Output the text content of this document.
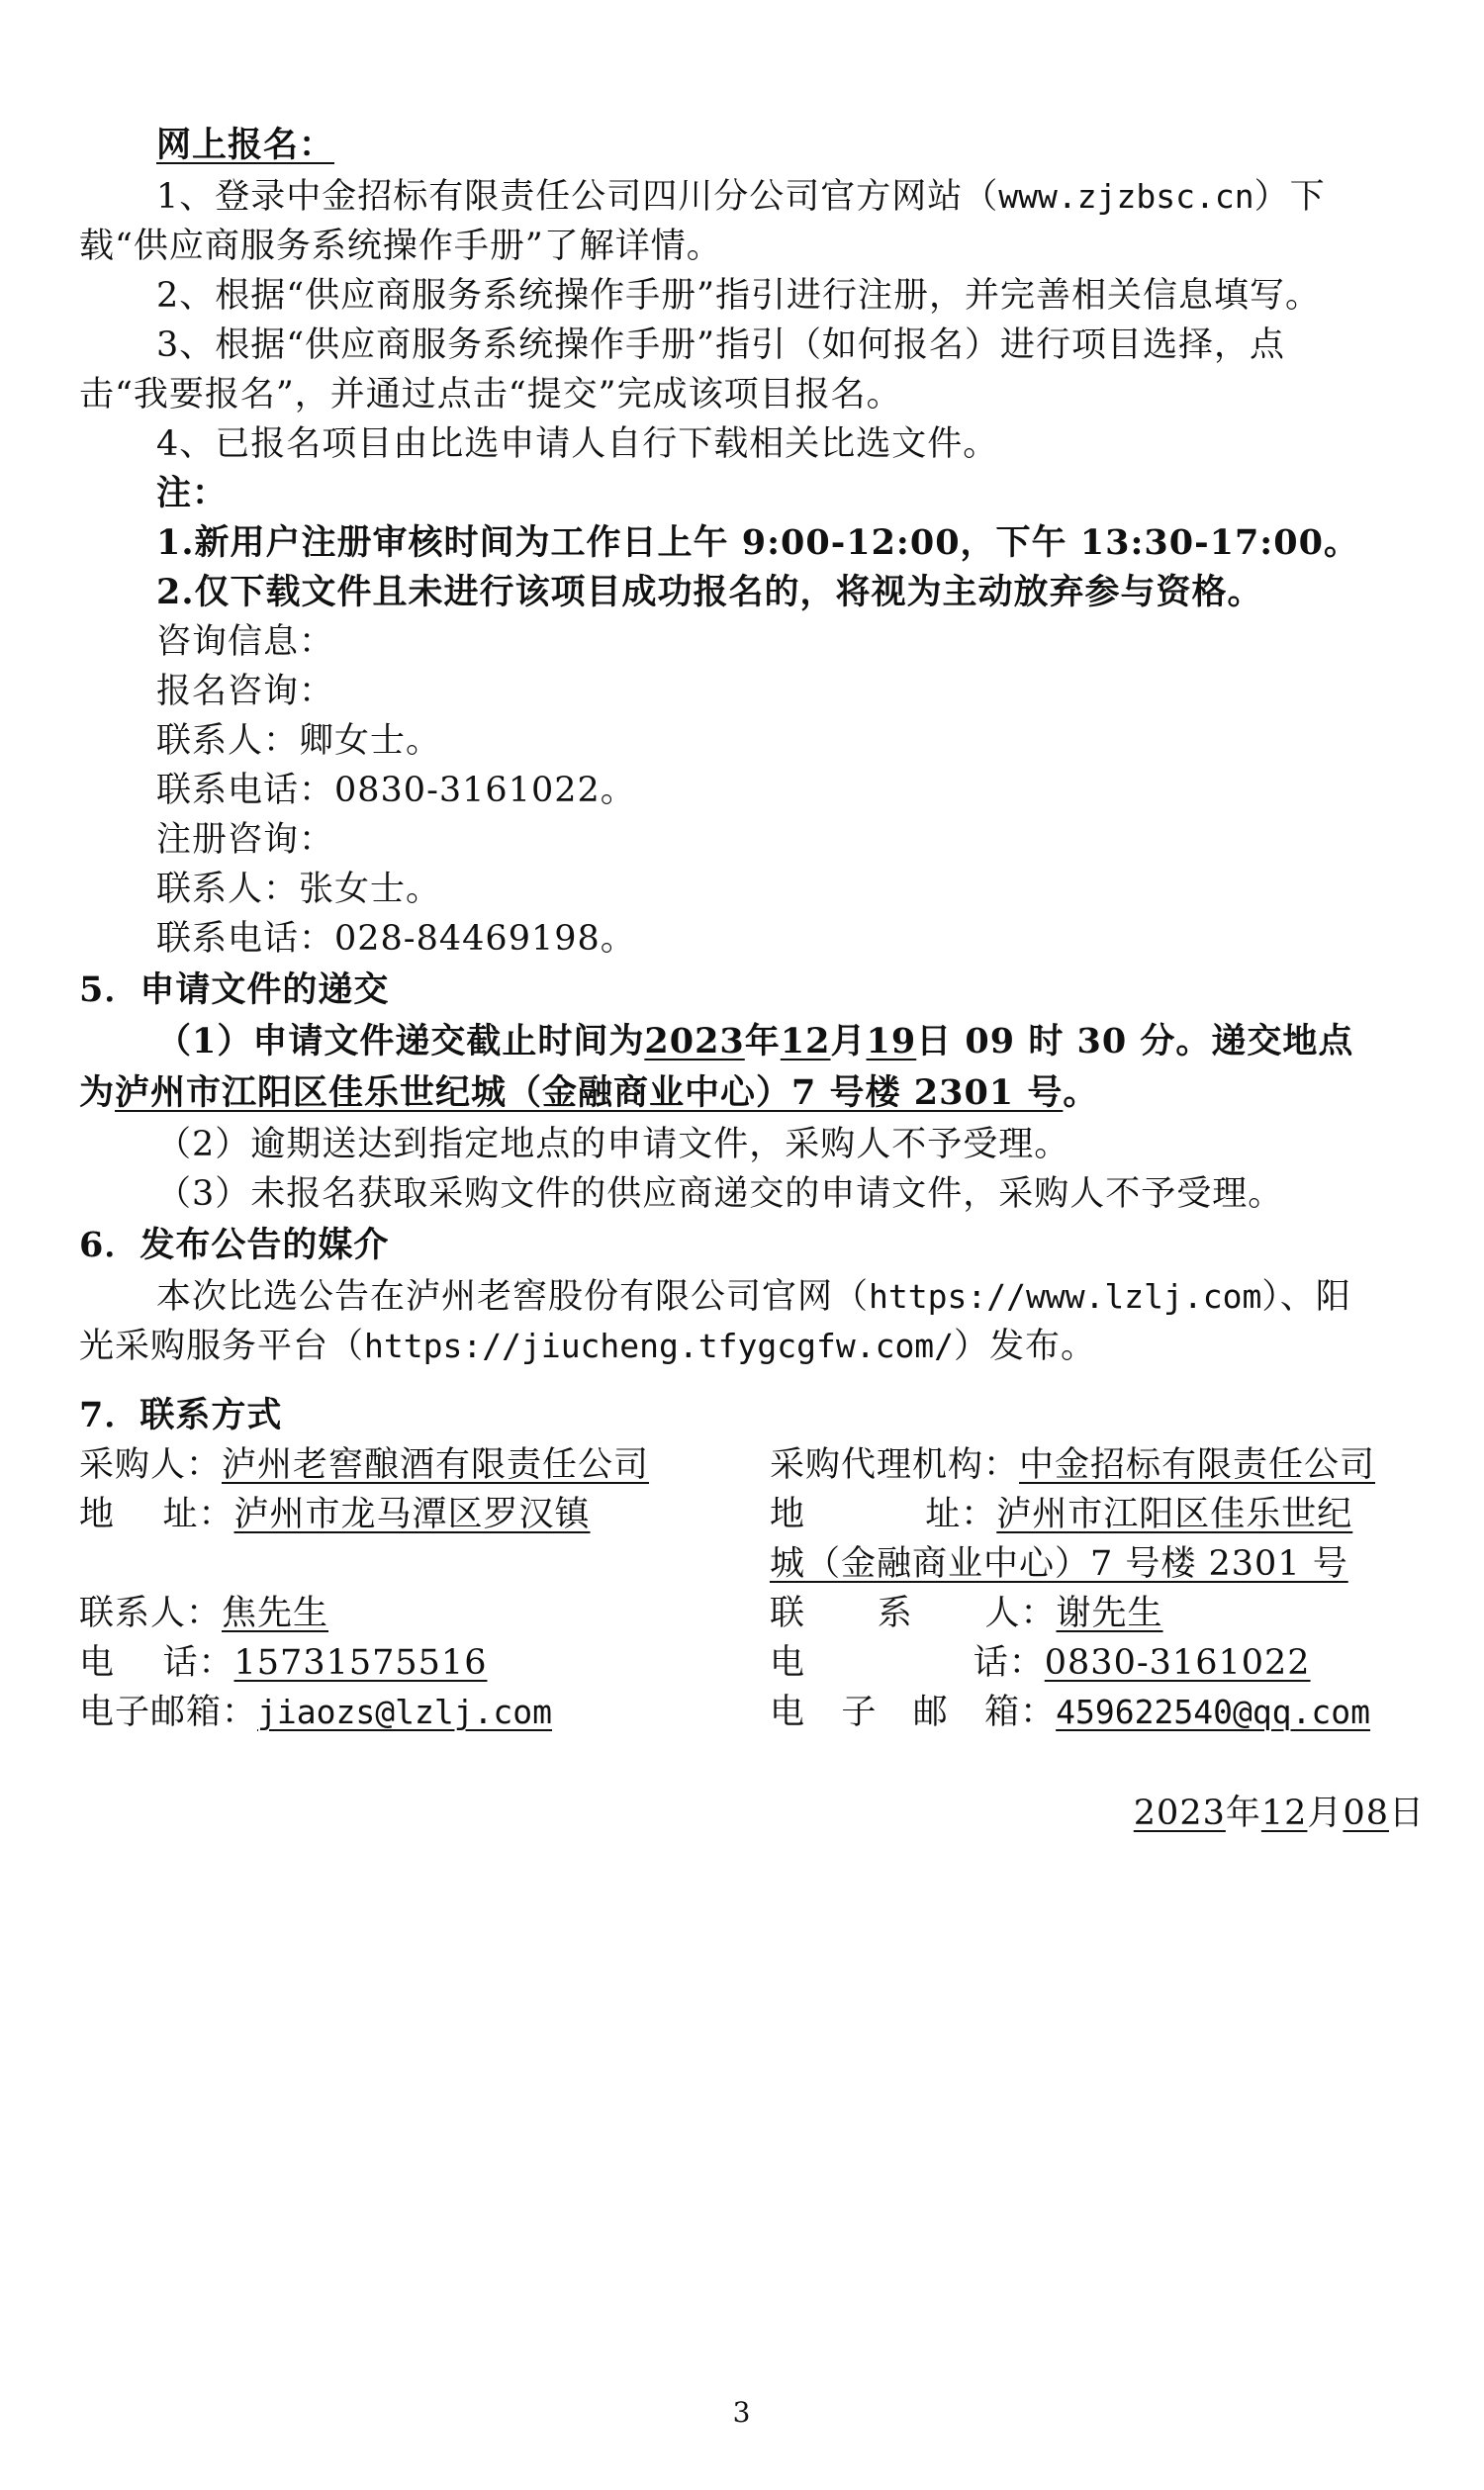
网上报名：
1、登录中金招标有限责任公司四川分公司官方网站（www.zjzbsc.cn）下
载“供应商服务系统操作手册”了解详情。
2、根据“供应商服务系统操作手册”指引进行注册，并完善相关信息填写。
3、根据“供应商服务系统操作手册”指引（如何报名）进行项目选择，点
击“我要报名”，并通过点击“提交”完成该项目报名。
4、已报名项目由比选申请人自行下载相关比选文件。
注：
1.新用户注册审核时间为工作日上午 9:00-12:00，下午 13:30-17:00。
2.仅下载文件且未进行该项目成功报名的，将视为主动放弃参与资格。
咨询信息：
报名咨询：
联系人：卿女士。
联系电话：0830-3161022。
注册咨询：
联系人：张女士。
联系电话：028-84469198。
5．申请文件的递交
（1）申请文件递交截止时间为2023年12月19日 09 时 30 分。递交地点
为泸州市江阳区佳乐世纪城（金融商业中心）7 号楼 2301 号。
（2）逾期送达到指定地点的申请文件，采购人不予受理。
（3）未报名获取采购文件的供应商递交的申请文件，采购人不予受理。
6．发布公告的媒介
本次比选公告在泸州老窖股份有限公司官网（https://www.lzlj.com）、阳
光采购服务平台（https://jiucheng.tfygcgfw.com/）发布。
7．联系方式
采购人：泸州老窖酿酒有限责任公司
地    址：泸州市龙马潭区罗汉镇
联系人：焦先生
电    话：15731575516
电子邮箱：jiaozs@lzlj.com
采购代理机构：中金招标有限责任公司
地          址：泸州市江阳区佳乐世纪
城（金融商业中心）7 号楼 2301 号
联      系      人：谢先生
电              话：0830-3161022
电   子   邮   箱：459622540@qq.com
2023年12月08日
3
